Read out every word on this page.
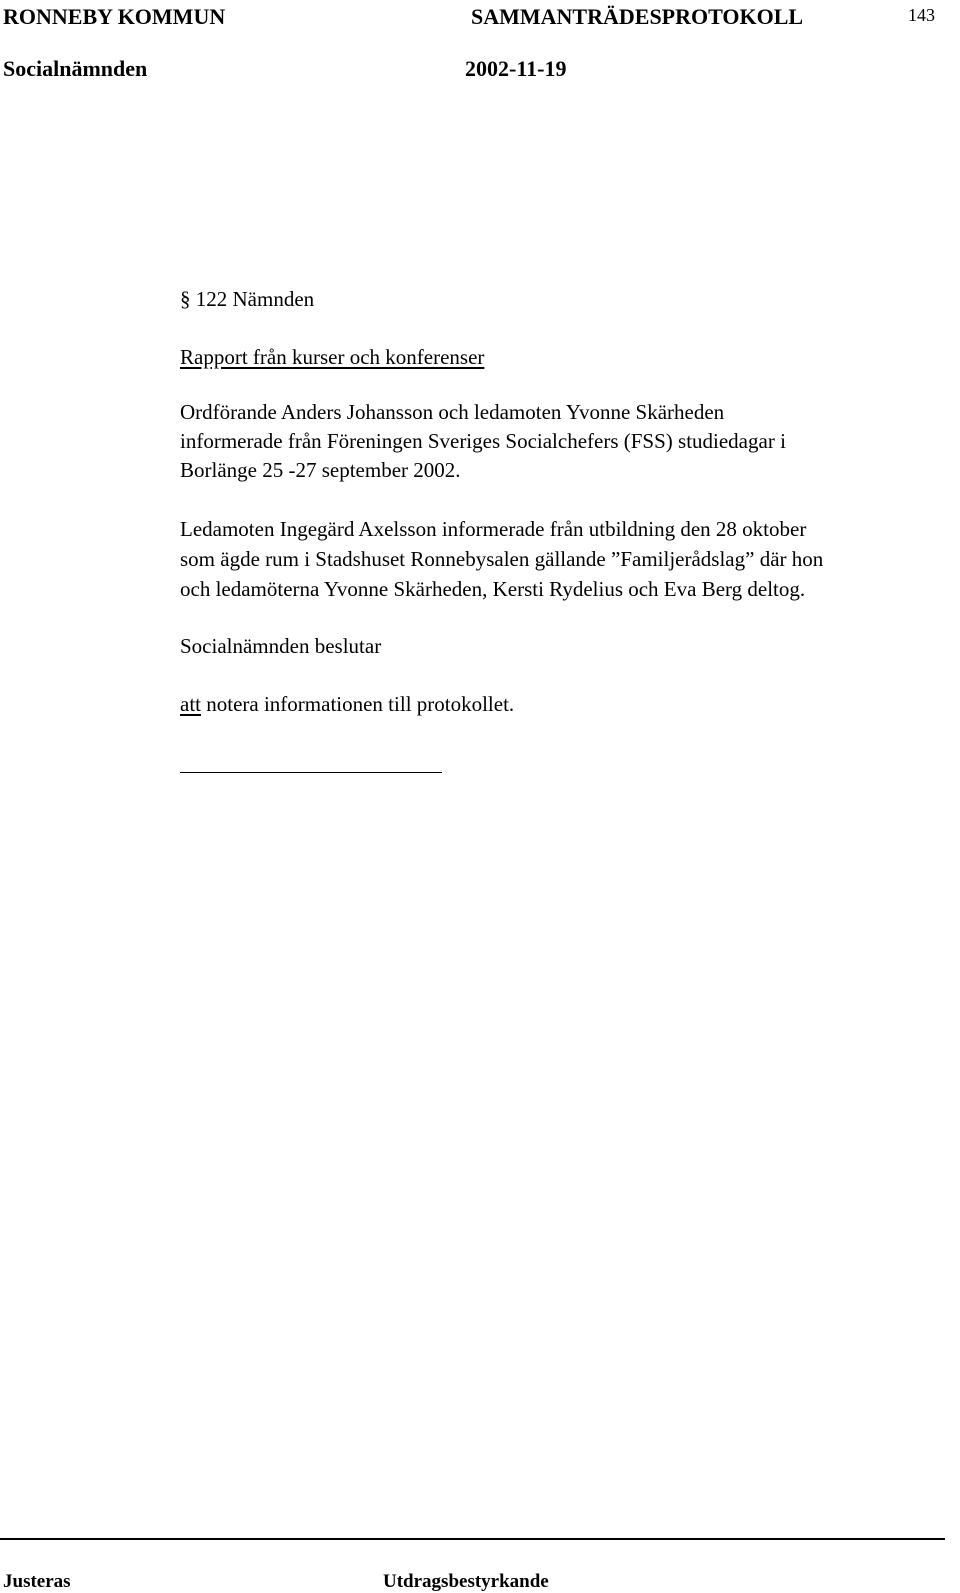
RONNEBY KOMMUN	SAMMANTRÄDESPROTOKOLL	143
Socialnämnden	2002-11-19
§ 122 Nämnden
Rapport från kurser och konferenser
Ordförande Anders Johansson och ledamoten Yvonne Skärheden
informerade från Föreningen Sveriges Socialchefers (FSS) studiedagar i
Borlänge 25 -27 september 2002.
Ledamoten Ingegärd Axelsson informerade från utbildning den 28 oktober
som ägde rum i Stadshuset Ronnebysalen gällande ”Familjerådslag” där hon
och ledamöterna Yvonne Skärheden, Kersti Rydelius och Eva Berg deltog.
Socialnämnden beslutar
att notera informationen till protokollet.
Justeras	Utdragsbestyrkande
